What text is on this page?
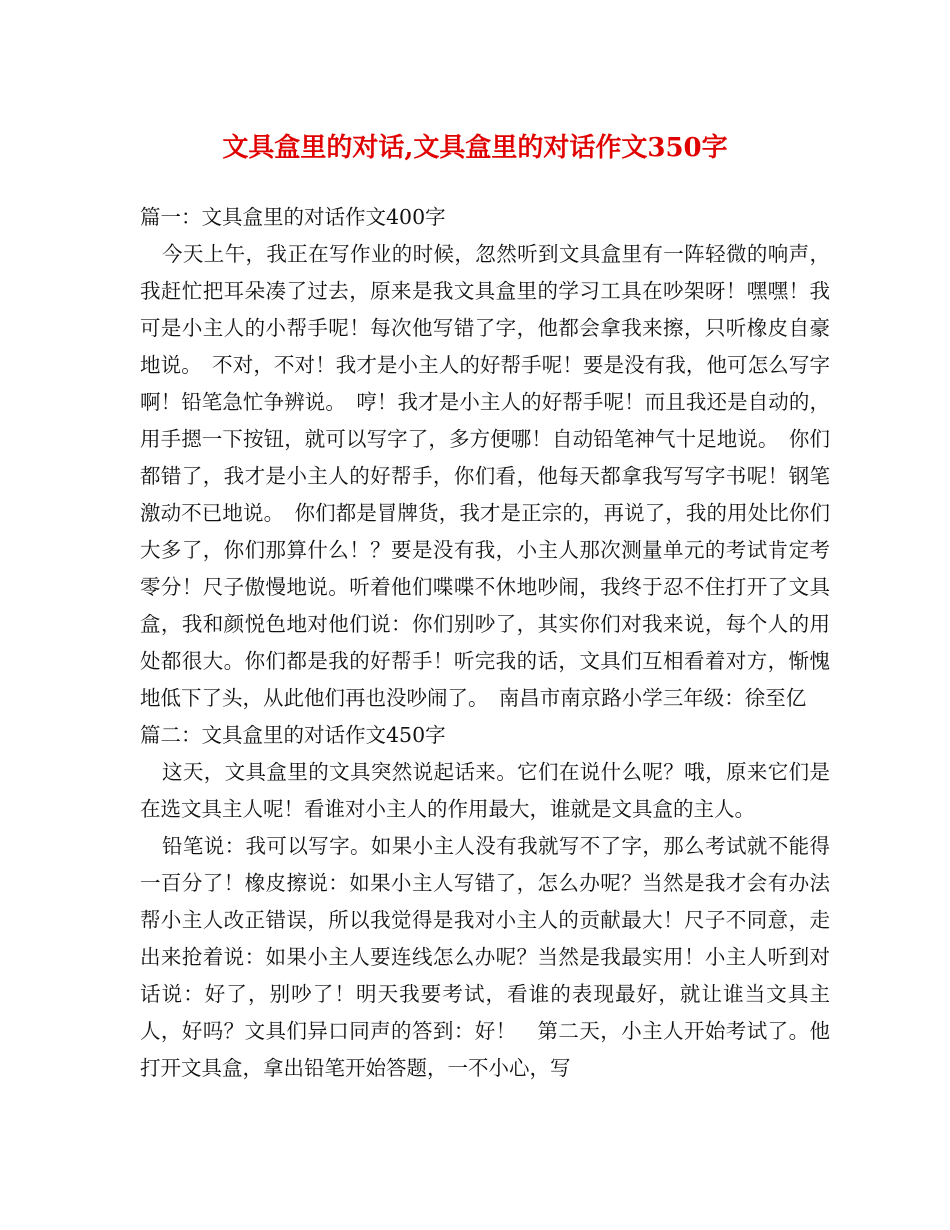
文具盒里的对话,文具盒里的对话作文350字
篇一：文具盒里的对话作文400字
今天上午，我正在写作业的时候，忽然听到文具盒里有一阵轻微的响声，我赶忙把耳朵凑了过去，原来是我文具盒里的学习工具在吵架呀！嘿嘿！我可是小主人的小帮手呢！每次他写错了字，他都会拿我来擦，只听橡皮自豪地说。　不对，不对！我才是小主人的好帮手呢！要是没有我，他可怎么写字啊！铅笔急忙争辨说。　哼！我才是小主人的好帮手呢！而且我还是自动的，用手摁一下按钮，就可以写字了，多方便哪！自动铅笔神气十足地说。　你们都错了，我才是小主人的好帮手，你们看，他每天都拿我写写字书呢！钢笔激动不已地说。　你们都是冒牌货，我才是正宗的，再说了，我的用处比你们大多了，你们那算什么！？要是没有我，小主人那次测量单元的考试肯定考零分！尺子傲慢地说。听着他们喋喋不休地吵闹，我终于忍不住打开了文具盒，我和颜悦色地对他们说：你们别吵了，其实你们对我来说，每个人的用处都很大。你们都是我的好帮手！听完我的话，文具们互相看着对方，惭愧地低下了头，从此他们再也没吵闹了。　南昌市南京路小学三年级：徐至亿
篇二：文具盒里的对话作文450字
这天，文具盒里的文具突然说起话来。它们在说什么呢？哦，原来它们是在选文具主人呢！看谁对小主人的作用最大，谁就是文具盒的主人。
铅笔说：我可以写字。如果小主人没有我就写不了字，那么考试就不能得一百分了！橡皮擦说：如果小主人写错了，怎么办呢？当然是我才会有办法帮小主人改正错误，所以我觉得是我对小主人的贡献最大！尺子不同意，走出来抢着说：如果小主人要连线怎么办呢？当然是我最实用！小主人听到对话说：好了，别吵了！明天我要考试，看谁的表现最好，就让谁当文具主人，好吗？文具们异口同声的答到：好！　第二天，小主人开始考试了。他打开文具盒，拿出铅笔开始答题，一不小心，写
